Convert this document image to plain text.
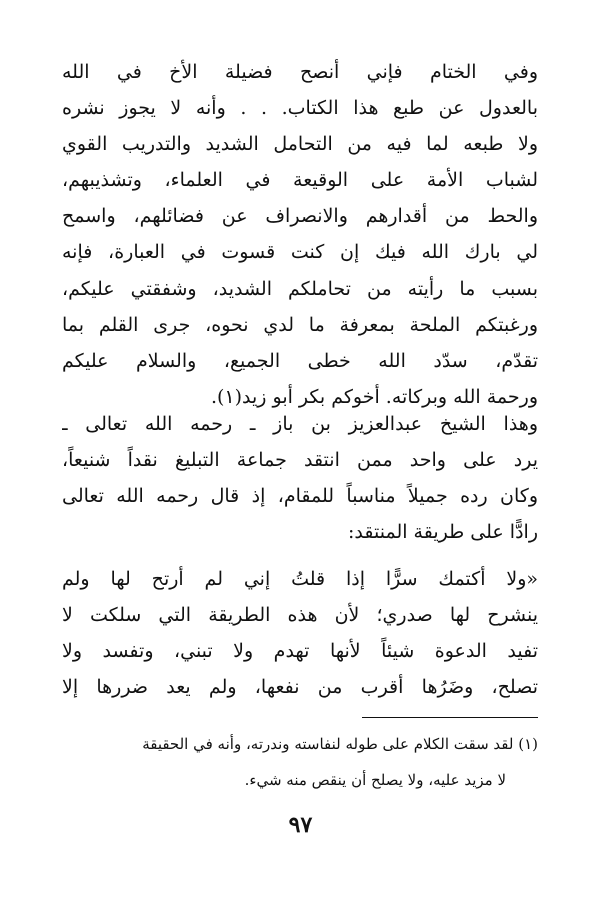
وفي الختام فإني أنصح فضيلة الأخ في الله
بالعدول عن طبع هذا الكتاب. . . وأنه لا يجوز نشره
ولا طبعه لما فيه من التحامل الشديد والتدريب القوي
لشباب الأمة على الوقيعة في العلماء، وتشذيبهم،
والحط من أقدارهم والانصراف عن فضائلهم، واسمح
لي بارك الله فيك إن كنت قسوت في العبارة، فإنه
بسبب ما رأيته من تحاملكم الشديد، وشفقتي عليكم،
ورغبتكم الملحة بمعرفة ما لدي نحوه، جرى القلم بما
تقدّم، سدّد الله خطى الجميع، والسلام عليكم
ورحمة الله وبركاته. أخوكم بكر أبو زيد(١).
وهذا الشيخ عبدالعزيز بن باز ـ رحمه الله تعالى ـ
يرد على واحد ممن انتقد جماعة التبليغ نقداً شنيعاً،
وكان رده جميلاً مناسباً للمقام، إذ قال رحمه الله تعالى
رادًّا على طريقة المنتقد:
«ولا أكتمك سرًّا إذا قلتُ إني لم أرتح لها ولم
ينشرح لها صدري؛ لأن هذه الطريقة التي سلكت لا
تفيد الدعوة شيئاً لأنها تهدم ولا تبني، وتفسد ولا
تصلح، وضَرُها أقرب من نفعها، ولم يعد ضررها إلا
(١) لقد سقت الكلام على طوله لنفاسته وندرته، وأنه في الحقيقة
لا مزيد عليه، ولا يصلح أن ينقص منه شيء.
٩٧
